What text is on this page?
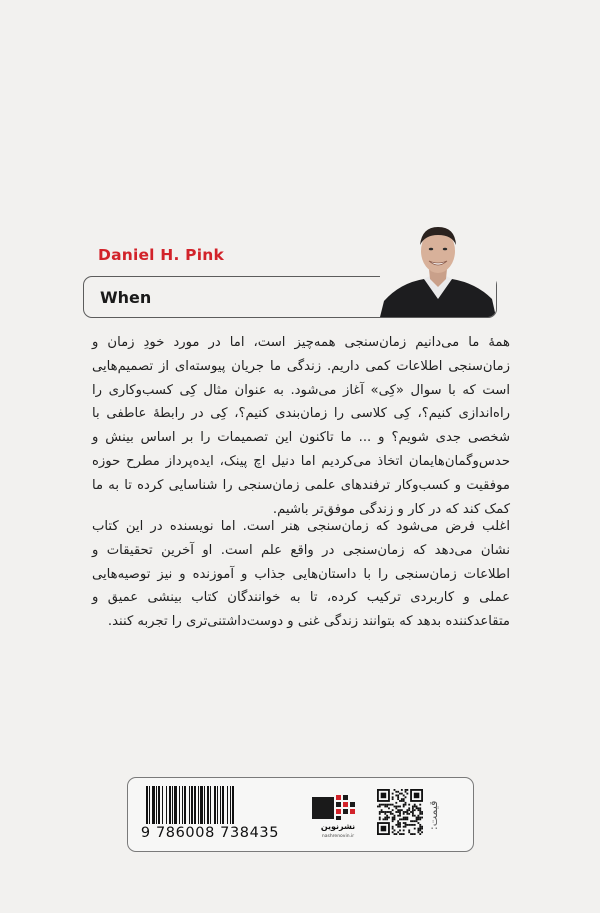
Daniel H. Pink
When

همهٔ ما می‌دانیم زمان‌سنجی همه‌چیز است، اما در مورد خودِ زمان و زمان‌سنجی اطلاعات کمی داریم. زندگی ما جریان پیوسته‌ای از تصمیم‌هایی است که با سوال «کِی» آغاز می‌شود. به عنوان مثال کِی کسب‌وکاری را راه‌اندازی کنیم؟، کِی کلاسی را زمان‌بندی کنیم؟، کِی در رابطهٔ عاطفی با شخصی جدی شویم؟ و ... ما تاکنون این تصمیمات را بر اساس بینش و حدس‌وگمان‌هایمان اتخاذ می‌کردیم اما دنیل اچ پینک، ایده‌پرداز مطرح حوزه موفقیت و کسب‌وکار ترفندهای علمی زمان‌سنجی را شناسایی کرده تا به ما کمک کند که در کار و زندگی موفق‌تر باشیم.

اغلب فرض می‌شود که زمان‌سنجی هنر است. اما نویسنده در این کتاب نشان می‌دهد که زمان‌سنجی در واقع علم است. او آخرین تحقیقات و اطلاعات زمان‌سنجی را با داستان‌هایی جذاب و آموزنده و نیز توصیه‌هایی عملی و کاربردی ترکیب کرده، تا به خوانندگان کتاب بینشی عمیق و متقاعدکننده بدهد که بتوانند زندگی غنی و دوست‌داشتنی‌تری را تجربه کنند.

9 786008 738435	نشرنوین
nashrenovin.ir
قیمت:
